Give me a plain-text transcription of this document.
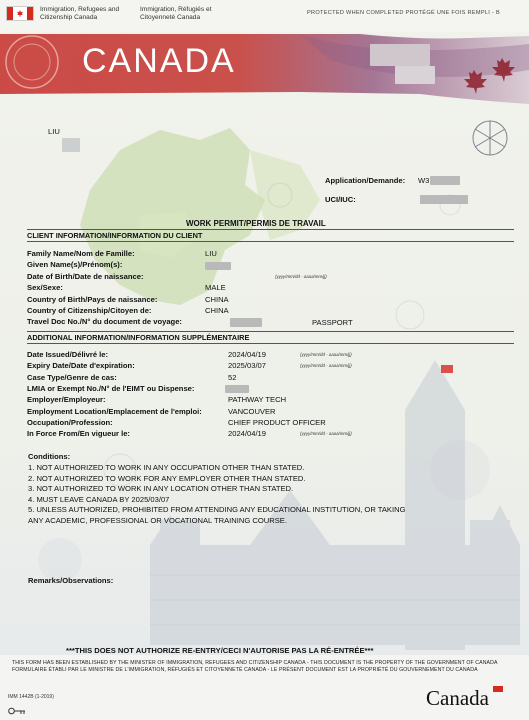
Immigration, Refugees and
Citizenship Canada
Immigration, Réfugiés et
Citoyenneté Canada
PROTECTED WHEN COMPLETED PROTÉGÉ UNE FOIS REMPLI - B
CANADA
LIU
Application/Demande: W3
UCI/IUC:
WORK PERMIT/PERMIS DE TRAVAIL
CLIENT INFORMATION/INFORMATION DU CLIENT
Family Name/Nom de Famille:	LIU
Given Name(s)/Prénom(s):
Date of Birth/Date de naissance:	(yyyy/mm/dd - aaaa/mm/jj)
Sex/Sexe:	MALE
Country of Birth/Pays de naissance:	CHINA
Country of Citizenship/Citoyen de:	CHINA
Travel Doc No./N° du document de voyage:	PASSPORT
ADDITIONAL INFORMATION/INFORMATION SUPPLÉMENTAIRE
Date Issued/Délivré le:	2024/04/19	(yyyy/mm/dd - aaaa/mm/jj)
Expiry Date/Date d'expiration:	2025/03/07	(yyyy/mm/dd - aaaa/mm/jj)
Case Type/Genre de cas:	52
LMIA or Exempt No./N° de l'EIMT ou Dispense:
Employer/Employeur:	PATHWAY TECH
Employment Location/Emplacement de l'emploi:	VANCOUVER
Occupation/Profession:	CHIEF PRODUCT OFFICER
In Force From/En vigueur le:	2024/04/19	(yyyy/mm/dd - aaaa/mm/jj)
Conditions:
1. NOT AUTHORIZED TO WORK IN ANY OCCUPATION OTHER THAN STATED.
2. NOT AUTHORIZED TO WORK FOR ANY EMPLOYER OTHER THAN STATED.
3. NOT AUTHORIZED TO WORK IN ANY LOCATION OTHER THAN STATED.
4. MUST LEAVE CANADA BY 2025/03/07
5. UNLESS AUTHORIZED, PROHIBITED FROM ATTENDING ANY EDUCATIONAL INSTITUTION, OR TAKING
ANY ACADEMIC, PROFESSIONAL OR VOCATIONAL TRAINING COURSE.
Remarks/Observations:
***THIS DOES NOT AUTHORIZE RE-ENTRY/CECI N'AUTORISE PAS LA RÉ-ENTRÉE***
THIS FORM HAS BEEN ESTABLISHED BY THE MINISTER OF IMMIGRATION, REFUGEES AND CITIZENSHIP CANADA - THIS DOCUMENT IS THE PROPERTY OF THE GOVERNMENT OF CANADA
FORMULAIRE ÉTABLI PAR LE MINISTRE DE L'IMMIGRATION, RÉFUGIÉS ET CITOYENNETÉ CANADA - LE PRÉSENT DOCUMENT EST LA PROPRIÉTÉ DU GOUVERNEMENT DU CANADA
IMM 1442B (1-2019)	Canada
